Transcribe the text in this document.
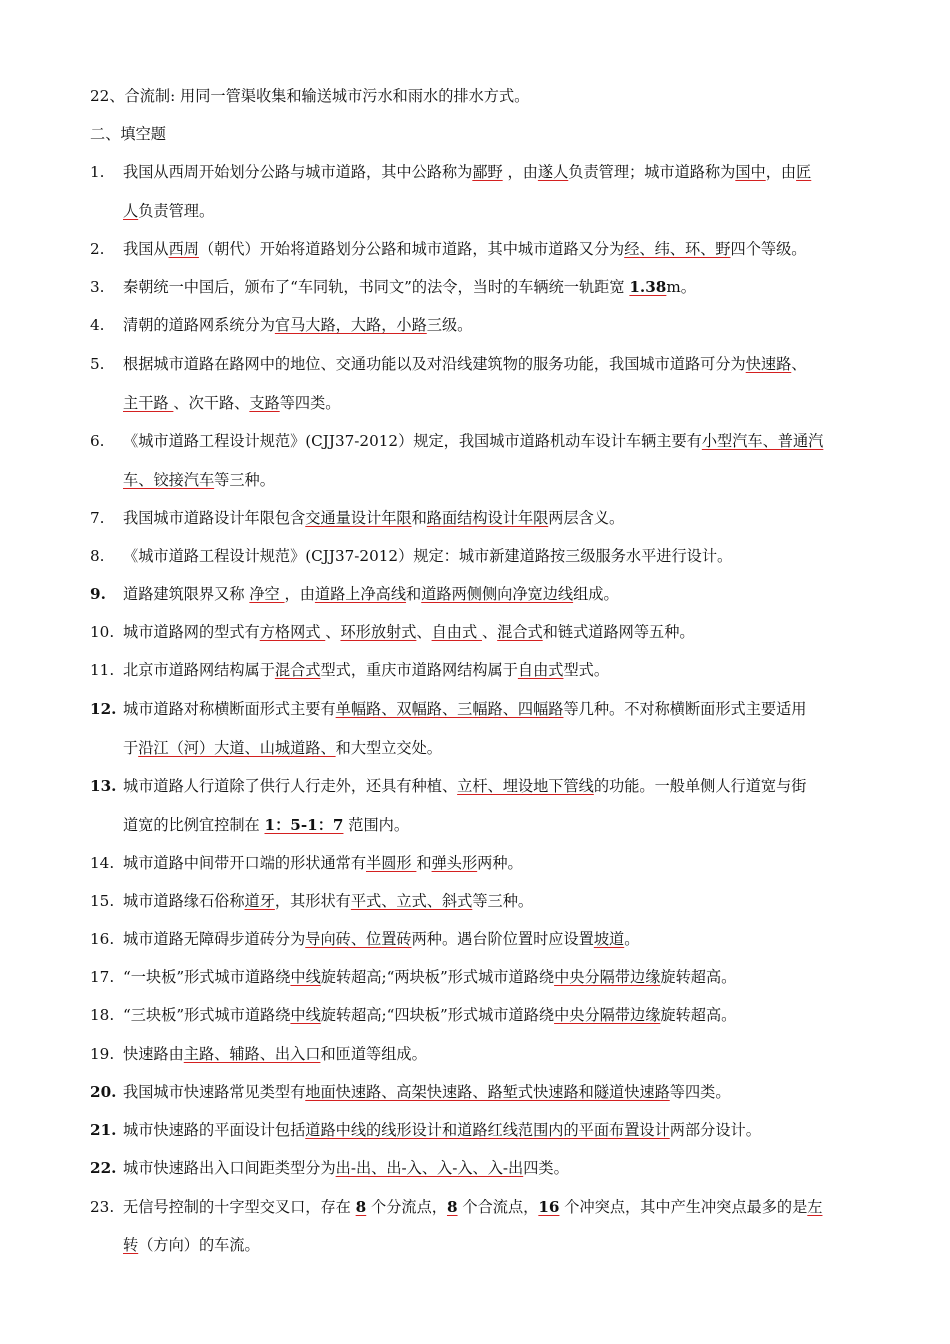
22、合流制: 用同一管渠收集和输送城市污水和雨水的排水方式。
二、填空题
1. 我国从西周开始划分公路与城市道路，其中公路称为鄙野 ，由遂人负责管理；城市道路称为国中，由匠
人负责管理。
2. 我国从西周（朝代）开始将道路划分公路和城市道路，其中城市道路又分为经、纬、环、野四个等级。
3. 秦朝统一中国后，颁布了“车同轨，书同文”的法令，当时的车辆统一轨距宽 1.38m。
4. 清朝的道路网系统分为官马大路，大路，小路三级。
5. 根据城市道路在路网中的地位、交通功能以及对沿线建筑物的服务功能，我国城市道路可分为快速路、
主干路 、次干路、支路等四类。
6. 《城市道路工程设计规范》(CJJ37-2012）规定，我国城市道路机动车设计车辆主要有小型汽车、普通汽
车、铰接汽车等三种。
7. 我国城市道路设计年限包含交通量设计年限和路面结构设计年限两层含义。
8. 《城市道路工程设计规范》(CJJ37-2012）规定：城市新建道路按三级服务水平进行设计。
9. 道路建筑限界又称 净空 ，由道路上净高线和道路两侧侧向净宽边线组成。
10. 城市道路网的型式有方格网式 、环形放射式、自由式 、混合式和链式道路网等五种。
11. 北京市道路网结构属于混合式型式，重庆市道路网结构属于自由式型式。
12. 城市道路对称横断面形式主要有单幅路、双幅路、三幅路、四幅路等几种。不对称横断面形式主要适用
于沿江（河）大道、山城道路、和大型立交处。
13. 城市道路人行道除了供行人行走外，还具有种植、立杆、埋设地下管线的功能。一般单侧人行道宽与街
道宽的比例宜控制在 1：5-1：7 范围内。
14. 城市道路中间带开口端的形状通常有半圆形 和弹头形两种。
15. 城市道路缘石俗称道牙，其形状有平式、立式、斜式等三种。
16. 城市道路无障碍步道砖分为导向砖、位置砖两种。遇台阶位置时应设置坡道。
17. “一块板”形式城市道路绕中线旋转超高;“两块板”形式城市道路绕中央分隔带边缘旋转超高。
18. “三块板”形式城市道路绕中线旋转超高;“四块板”形式城市道路绕中央分隔带边缘旋转超高。
19. 快速路由主路、辅路、出入口和匝道等组成。
20. 我国城市快速路常见类型有地面快速路、高架快速路、路堑式快速路和隧道快速路等四类。
21. 城市快速路的平面设计包括道路中线的线形设计和道路红线范围内的平面布置设计两部分设计。
22. 城市快速路出入口间距类型分为出-出、出-入、入-入、入-出四类。
23. 无信号控制的十字型交叉口，存在 8 个分流点，8 个合流点，16 个冲突点，其中产生冲突点最多的是左
转（方向）的车流。
